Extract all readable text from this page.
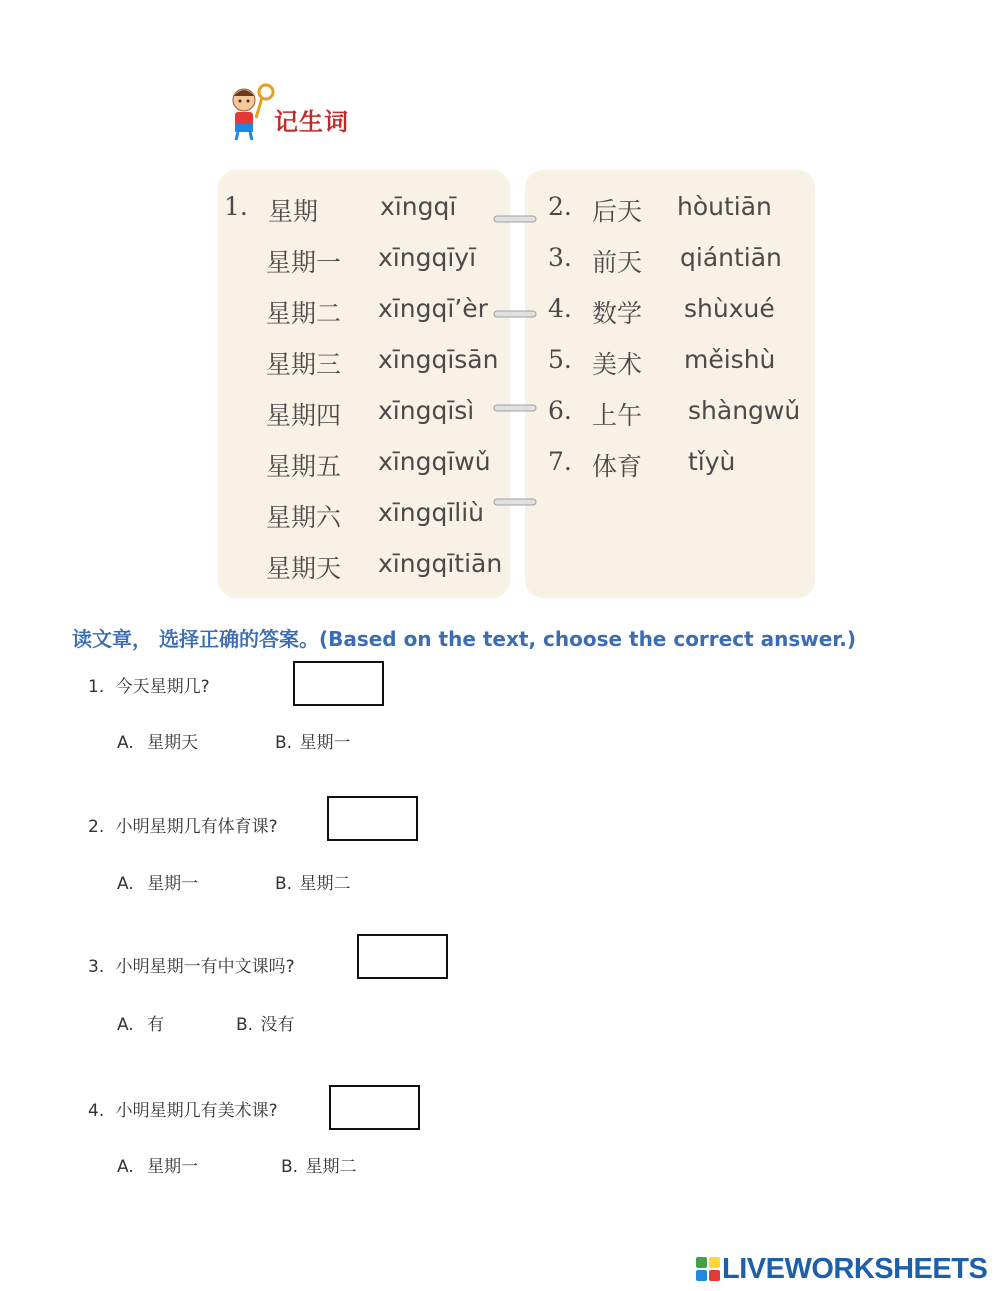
记生词
1. 星期 xīngqī
星期一 xīngqīyī
星期二 xīngqī’èr
星期三 xīngqīsān
星期四 xīngqīsì
星期五 xīngqīwǔ
星期六 xīngqīliù
星期天 xīngqītiān
2. 后天 hòutiān
3. 前天 qiántiān
4. 数学 shùxué
5. 美术 měishù
6. 上午 shàngwǔ
7. 体育 tǐyù
读文章， 选择正确的答案。(Based on the text, choose the correct answer.)
1. 今天星期几?
A. 星期天	B. 星期一
2. 小明星期几有体育课?
A. 星期一	B. 星期二
3. 小明星期一有中文课吗?
A. 有	B. 没有
4. 小明星期几有美术课?
A. 星期一	B. 星期二
LIVEWORKSHEETS
